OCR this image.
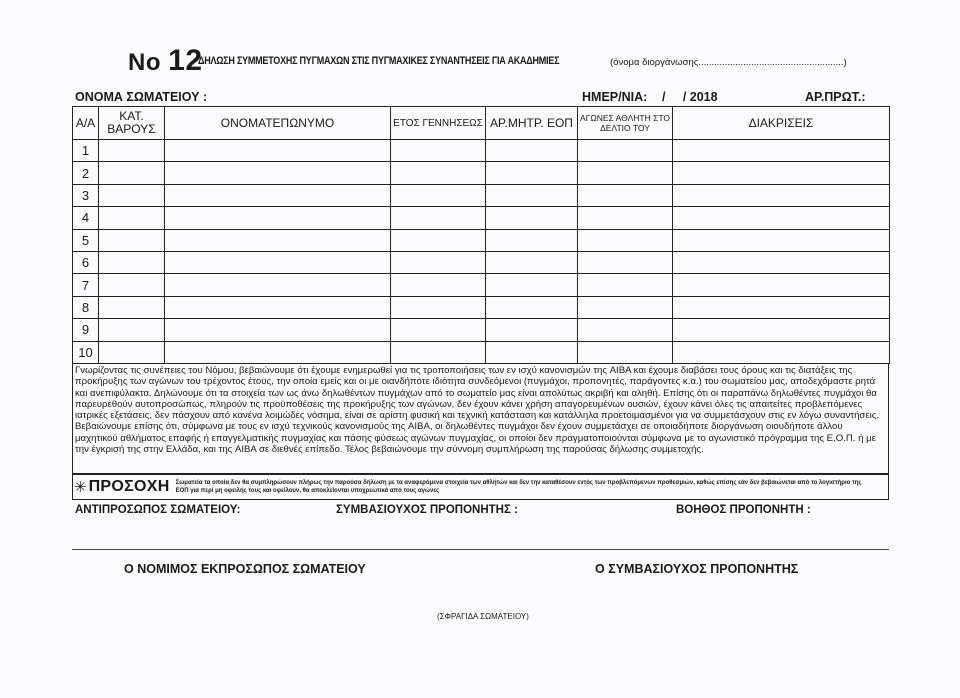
No 12
ΔΗΛΩΣΗ ΣΥΜΜΕΤΟΧΗΣ ΠΥΓΜΑΧΩΝ ΣΤΙΣ ΠΥΓΜΑΧΙΚΕΣ ΣΥΝΑΝΤΗΣΕΙΣ ΓΙΑ ΑΚΑΔΗΜΙΕΣ	(όνομα διοργάνωσης.......................................................)
ΟΝΟΜΑ ΣΩΜΑΤΕΙΟΥ :	ΗΜΕΡ/ΝΙΑ: /     / 2018	ΑΡ.ΠΡΩΤ.:
Α/Α	ΚΑΤ. ΒΑΡΟΥΣ	ΟΝΟΜΑΤΕΠΩΝΥΜΟ	ΕΤΟΣ ΓΕΝΝΗΣΕΩΣ	ΑΡ.ΜΗΤΡ. ΕΟΠ	ΑΓΩΝΕΣ ΑΘΛΗΤΗ ΣΤΟ ΔΕΛΤΙΟ ΤΟΥ	ΔΙΑΚΡΙΣΕΙΣ
1						
2						
3						
4						
5						
6						
7						
8						
9						
10						

Γνωρίζοντας τις συνέπειες του Νόμου, βεβαιώνουμε ότι έχουμε ενημερωθεί για τις τροποποιήσεις των εν ισχύ κανονισμών της AIBA και έχουμε διαβάσει τους όρους και τις διατάξεις της προκήρυξης των αγώνων του τρέχοντος έτους, την οποία εμείς και οι με οιανδήποτε ιδιότητα συνδεόμενοι (πυγμάχοι, προπονητές, παράγοντες κ.α.) του σωματείου μας, αποδεχόμαστε ρητά και ανεπιφύλακτα. Δηλώνουμε ότι τα στοιχεία των ως άνω δηλωθέντων πυγμάχων από το σωματείο μας είναι απολύτως ακριβή και αληθή. Επίσης ότι οι παραπάνω δηλωθέντες πυγμάχοι θα παρευρεθούν αυτοπροσώπως, πληρούν τις προϋποθέσεις της προκήρυξης των αγώνων, δεν έχουν κάνει χρήση απαγορευμένων ουσιών, έχουν κάνει όλες τις απαιτείτες προβλεπόμενες ιατρικές εξετάσεις, δεν πάσχουν από κανένα λοιμώδες νόσημα, είναι σε αρίστη φυσική και τεχνική κατάσταση και κατάλληλα προετοιμασμένοι για να συμμετάσχουν στις εν λόγω συναντήσεις.

Βεβαιώνουμε επίσης ότι, σύμφωνα με τους εν ισχύ τεχνικούς κανονισμούς της AIBA, οι δηλωθέντες πυγμάχοι δεν έχουν συμμετάσχει σε οποιαδήποτε διοργάνωση οιουδήποτε άλλου μαχητικού αθλήματος επαφής ή επαγγελματικής πυγμαχίας και πάσης φύσεως αγώνων πυγμαχίας, οι οποίοι δεν πραγματοποιούνται σύμφωνα με το αγωνιστικό πρόγραμμα της Ε.Ο.Π. ή με την έγκρισή της στην Ελλάδα, και της AIBA σε διεθνές επίπεδο. Τέλος βεβαιώνουμε την σύννομη συμπλήρωση της παρούσας δήλωσης συμμετοχής.

✳ ΠΡΟΣΟΧΗ Σωματεία τα οποία δεν θα συμπληρώσουν πλήρως την παρούσα δήλωση με τα αναφερόμενα στοιχεία των αθλητών και δεν την καταθέσουν εντός των προβλεπόμενων προθεσμιών, καθώς επίσης εάν δεν βεβαιώνεται από το λογιστήριο της ΕΟΠ για περί μη οφειλής τους και οφείλουν, θα αποκλείονται υποχρεωτικά από τους αγώνες
ΑΝΤΙΠΡΟΣΩΠΟΣ ΣΩΜΑΤΕΙΟΥ:	ΣΥΜΒΑΣΙΟΥΧΟΣ ΠΡΟΠΟΝΗΤΗΣ :	ΒΟΗΘΟΣ ΠΡΟΠΟΝΗΤΗ :
Ο ΝΟΜΙΜΟΣ ΕΚΠΡΟΣΩΠΟΣ ΣΩΜΑΤΕΙΟΥ	Ο ΣΥΜΒΑΣΙΟΥΧΟΣ ΠΡΟΠΟΝΗΤΗΣ
(ΣΦΡΑΓΙΔΑ ΣΩΜΑΤΕΙΟΥ)
